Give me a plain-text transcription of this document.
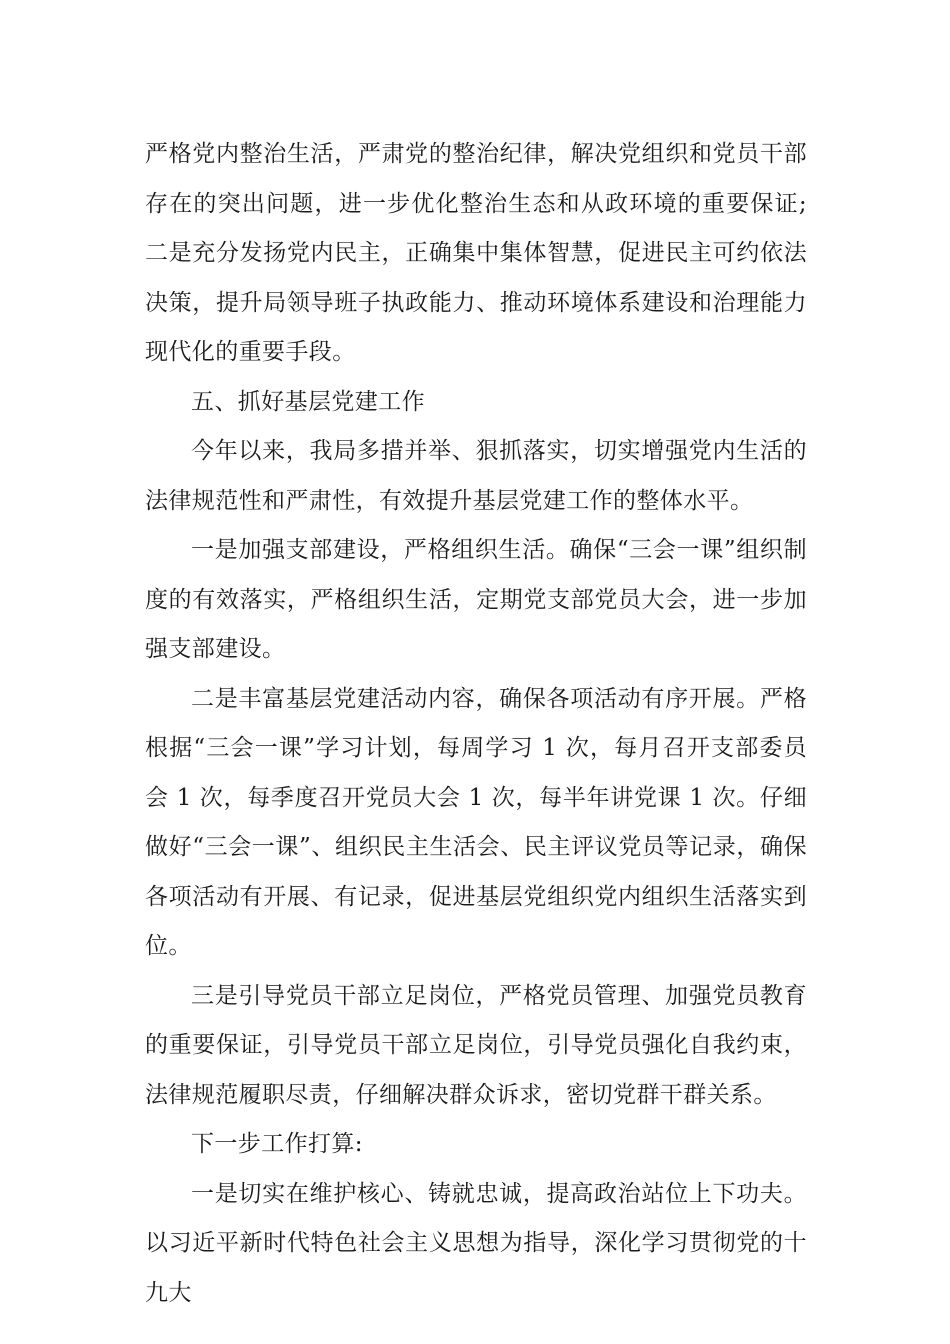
严格党内整治生活，严肃党的整治纪律，解决党组织和党员干部存在的突出问题，进一步优化整治生态和从政环境的重要保证;二是充分发扬党内民主，正确集中集体智慧，促进民主可约依法决策，提升局领导班子执政能力、推动环境体系建设和治理能力现代化的重要手段。

五、抓好基层党建工作

今年以来，我局多措并举、狠抓落实，切实增强党内生活的法律规范性和严肃性，有效提升基层党建工作的整体水平。

一是加强支部建设，严格组织生活。确保“三会一课”组织制度的有效落实，严格组织生活，定期党支部党员大会，进一步加强支部建设。

二是丰富基层党建活动内容，确保各项活动有序开展。严格根据“三会一课”学习计划，每周学习 1 次，每月召开支部委员会 1 次，每季度召开党员大会 1 次，每半年讲党课 1 次。仔细做好“三会一课”、组织民主生活会、民主评议党员等记录，确保各项活动有开展、有记录，促进基层党组织党内组织生活落实到位。

三是引导党员干部立足岗位，严格党员管理、加强党员教育的重要保证，引导党员干部立足岗位，引导党员强化自我约束，法律规范履职尽责，仔细解决群众诉求，密切党群干群关系。

下一步工作打算:

一是切实在维护核心、铸就忠诚，提高政治站位上下功夫。以习近平新时代特色社会主义思想为指导，深化学习贯彻党的十九大
